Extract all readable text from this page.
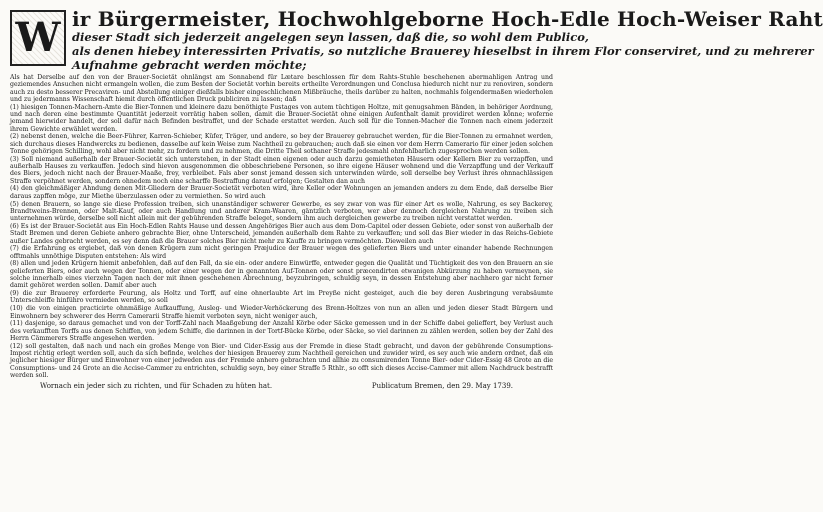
W ir Bürgermeister, Hochwohlgeborne Hoch-Edle Hoch-Weiser Raht
dieser Stadt sich jederzeit angelegen seyn lassen, daß die, so wohl dem Publico,
als denen hiebey interessirten Privatis, so nutzliche Brauerey hieselbst in ihrem Flor conserviret, und zu mehrerer Aufnahme gebracht werden möchte;
Als hat Derselbe auf den von der Brauer-Societät ohnlängst am Sonnabend für Lætare beschlossen für dem Rahts-Stuhle beschehenen abermahligen Antrag und geziemendes Ansuchen nicht ermangeln wollen, die zum Besten der Societät vorhin bereits ertheilte Verordnungen und Conclusa hiedurch nicht nur zu renoviren, sondern auch zu desto besserer Precaviren- und Abstellung einiger dießfalls bisher eingeschlichenen Mißbräuche, theils darüber zu halten, nochmahls folgendermaßen wiederholen und zu jedermanns Wissenschaft hiemit durch öffentlichen Druck publiciren zu lassen; daß
(1) hiesigen Tonnen-Machern-Amte die Bier-Tonnen und kleinere dazu benöthigte Fustages von autem tüchtigen Holtze, mit genugsahmen Bänden, in behöriger Aordnung, und nach deren eine bestimmte Quantität jederzeit vorrätig haben sollen, damit die Brauer-Societät ohne einigen Aufenthalt damit providiret werden könne; woferne jemand hierwider handelt, der soll dafür nach Befinden bestraffet, und der Schade erstattet werden. Auch soll für die Tonnen-Macher die Tonnen nach einem jederzeit ihrem Gewichte erwählet werden.
(2) nebenst denen, welche die Beer-Führer, Karren-Schieber, Küfer, Träger, und andere, so bey der Brauerey gebrauchet werden, für die Bier-Tonnen zu ermahnet werden, sich durchaus dieses Handwercks zu bedienen, dasselbe auf kein Weise zum Nachtheil zu gebrauchen; auch daß sie einen vor dem Herrn Camerario für einer jeden solchen Tonne gehörigen Schilling, wohl aber nicht mehr, zu fordern und zu nehmen, die Dritte Theil sothaner Straffe jedesmahl ohnfehlbarlich zugesprochen werden sollen.
(3) Soll niemand außerhalb der Brauer-Societät sich unterstehen, in der Stadt einen eigenen oder auch darzu gemietheten Häusern oder Kellern Bier zu verzapffen, und außerhalb Hauses zu verkauffen. Jedoch sind hievon ausgenommen die obbeschriebene Personen, so ihre eigene Häuser wohnend und die Verzapffung und der Verkauff des Biers, jedoch nicht nach der Brauer-Maaße, frey, verbleibet. Fals aber sonst jemand dessen sich unterwinden würde, soll derselbe bey Verlust ihres ohnnachlässigen Straffe verpöhnet werden, sondern ohnedem noch eine scharffe Bestraffung darauf erfolgen; Gestalten dan auch
(4) den gleichmäßiger Ahndung denen Mit-Gliedern der Brauer-Societät verboten wird, ihre Keller oder Wohnungen an jemanden anders zu dem Ende, daß derselbe Bier daraus zapffen möge, zur Miethe überzulassen oder zu vermiethen. So wird auch
(5) denen Brauern, so lange sie diese Profession treiben, sich unanständiger schwerer Gewerbe, es sey zwar von was für einer Art es wolle, Nahrung, es sey Backerey, Brandtweins-Brennen, oder Malt-Kauf, oder auch Handlung und anderer Kram-Waaren, gäntzlich verboten, wer aber dennoch dergleichen Nahrung zu treiben sich unternehmen würde, derselbe soll nicht allein mit der gebührenden Straffe beleget, sondern ihm auch dergleichen gewerbe zu treiben nicht verstattet werden.
(6) Es ist der Brauer-Societät aus Ein Hoch-Edlen Rahts Hause und dessen Angehöriges Bier auch aus dem Dom-Capitel oder dessen Gebiete, oder sonst von außerhalb der Stadt Bremen und deren Gebiete anhero gebrachte Bier, ohne Unterscheid, jemanden außerhalb dem Rahte zu verkauffen; und soll das Bier wieder in das Reichs-Gebiete außer Landes gebracht werden, es sey denn daß die Brauer solches Bier nicht mehr zu Kauffe zu bringen vermöchten. Dieweilen auch
(7) die Erfahrung es ergiebet, daß von denen Krügern zum nicht geringen Præjudice der Brauer wegen des gelieferten Biers und unter einander habende Rechnungen offtmahls unnöthige Disputen entstehen: Als wird
(8) allen und jeden Krügern hiemit anbefohlen, daß auf den Fall, da sie ein- oder andere Einwürffe, entweder gegen die Qualität und Tüchtigkeit des von den Brauern an sie gelieferten Biers, oder auch wegen der Tonnen, oder einer wegen der in genannten Auf-Tonnen oder sonst præcendirten etwanigen Abkürzung zu haben vermeynen, sie solche innerhalb eines vierzehn Tagen nach der mit ihnen geschehenen Abrechnung, beyzubringen, schuldig seyn, in dessen Entstehung aber nachhero gar nicht ferner damit gehöret werden sollen. Damit aber auch
(9) die zur Brauerey erforderte Feurung, als Holtz und Torff, auf eine ohnerlaubte Art im Preyße nicht gesteiget, auch die bey deren Ausbringung verabsäumte Unterschleiffe hinführo vermieden werden, so soll
(10) die von einigen practicirte ohnmäßige Aufkauffung, Ausleg- und Wieder-Verhöckerung des Brenn-Holtzes von nun an allen und jeden dieser Stadt Bürgern und Einwohnern bey schwerer des Herrn Camerarii Straffe hiemit verboten seyn, nicht weniger auch,
(11) dasjenige, so daraus gemachet und von der Torff-Zahl nach Maaßgebung der Anzahl Körbe oder Säcke gemessen und in der Schiffe dabei gelieffert, bey Verlust auch des verkaufften Torffs aus denen Schiffen, von jedem Schiffe, die darinnen in der Tortf-Bücke Körbe, oder Säcke, so viel darinnen zu zählen werden, sollen bey der Zahl des Herrn Cämmerers Straffe angesehen werden.
(12) soll gestalten, daß nach und nach ein großes Menge von Bier- und Cider-Essig aus der Fremde in diese Stadt gebracht, und davon der gebührende Consumptions-Impost richtig erlegt werden soll, auch da sich befinde, welches der hiesigen Brauerey zum Nachtheil gereichen und zuwider wird, es sey auch wie andern ordnet, daß ein jeglicher hiesiger Bürger und Einwohner von einer jedweden aus der Fremde anhero gebrachten und allhie zu consumirenden Tonne Bier- oder Cider-Essig 48 Grote an die Consumptions- und 24 Grote an die Accise-Cammer zu entrichten, schuldig seyn, bey einer Straffe 5 Rthlr., so offt sich dieses Accise-Cammer mit allem Nachdruck bestrafft werden soll.
Wornach ein jeder sich zu richten, und für Schaden zu hüten hat.	Publicatum Bremen, den 29. May 1739.
